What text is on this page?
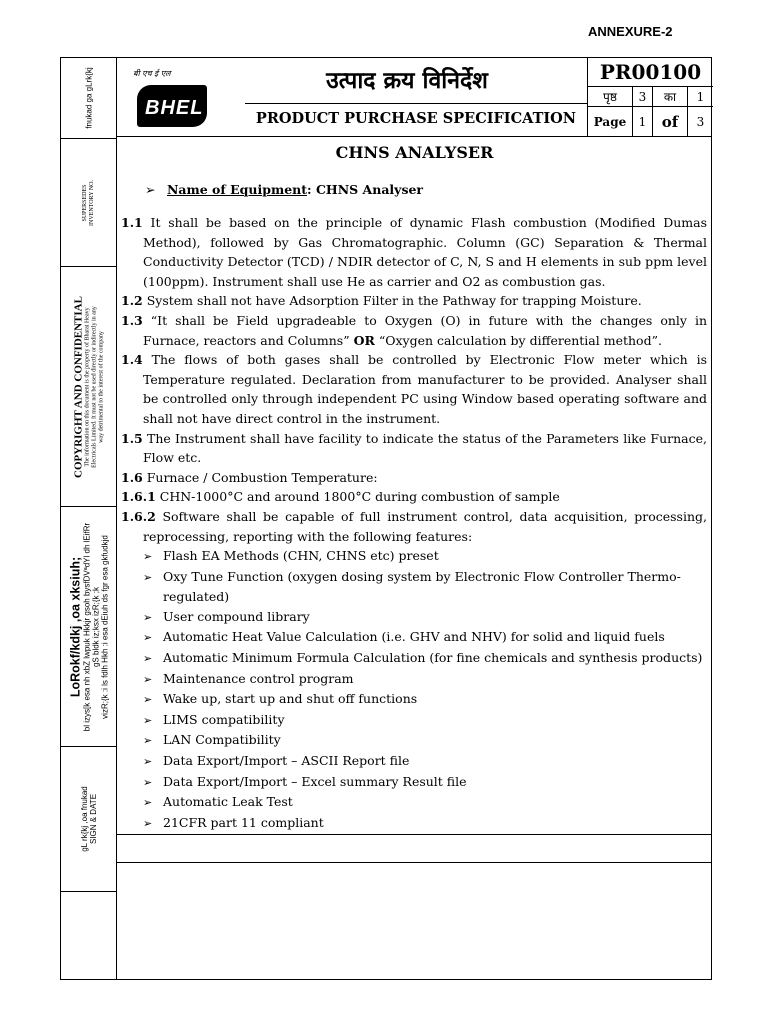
ANNEXURE-2
fnukad ga gLrk{kj
SUPERSEDES INVENTORY NO.
COPYRIGHT AND CONFIDENTIAL The information on this document is the property of Bharat Heavy Electricals Limited. It must not be used directly or indirectly in any way detrimental to the interest of the company
LoRokf/kdkj ,oa xksiuh; bl izys[k esa nh xbZ lwpuk Hkkjr gsoh bysfDVªdYl dh lEifRr gS bldk iz;ksx izR;{k ;k vizR;{k :i ls fdlh Hkh :i esa dEiuh ds fgr esa gkfudkjd
gL rk{kj ,oa fnukad SIGN & DATE
बी एच ई एल
BHEL
उत्पाद क्रय विनिर्देश
PRODUCT PURCHASE SPECIFICATION
PR00100
पृष्ठ	3	का	1
Page	1	of	3
CHNS ANALYSER
➢ Name of Equipment: CHNS Analyser
1.1 It shall be based on the principle of dynamic Flash combustion (Modified Dumas Method), followed by Gas Chromatographic. Column (GC) Separation & Thermal Conductivity Detector (TCD) / NDIR detector of C, N, S and H elements in sub ppm level (100ppm). Instrument shall use He as carrier and O2 as combustion gas.
1.2 System shall not have Adsorption Filter in the Pathway for trapping Moisture.
1.3 “It shall be Field upgradeable to Oxygen (O) in future with the changes only in Furnace, reactors and Columns” OR “Oxygen calculation by differential method”.
1.4 The flows of both gases shall be controlled by Electronic Flow meter which is Temperature regulated. Declaration from manufacturer to be provided. Analyser shall be controlled only through independent PC using Window based operating software and shall not have direct control in the instrument.
1.5 The Instrument shall have facility to indicate the status of the Parameters like Furnace, Flow etc.
1.6 Furnace / Combustion Temperature:
1.6.1 CHN-1000°C and around 1800°C during combustion of sample
1.6.2 Software shall be capable of full instrument control, data acquisition, processing, reprocessing, reporting with the following features:
➢ Flash EA Methods (CHN, CHNS etc) preset
➢ Oxy Tune Function (oxygen dosing system by Electronic Flow Controller Thermo-regulated)
➢ User compound library
➢ Automatic Heat Value Calculation (i.e. GHV and NHV) for solid and liquid fuels
➢ Automatic Minimum Formula Calculation (for fine chemicals and synthesis products)
➢ Maintenance control program
➢ Wake up, start up and shut off functions
➢ LIMS compatibility
➢ LAN Compatibility
➢ Data Export/Import – ASCII Report file
➢ Data Export/Import – Excel summary Result file
➢ Automatic Leak Test
➢ 21CFR part 11 compliant
